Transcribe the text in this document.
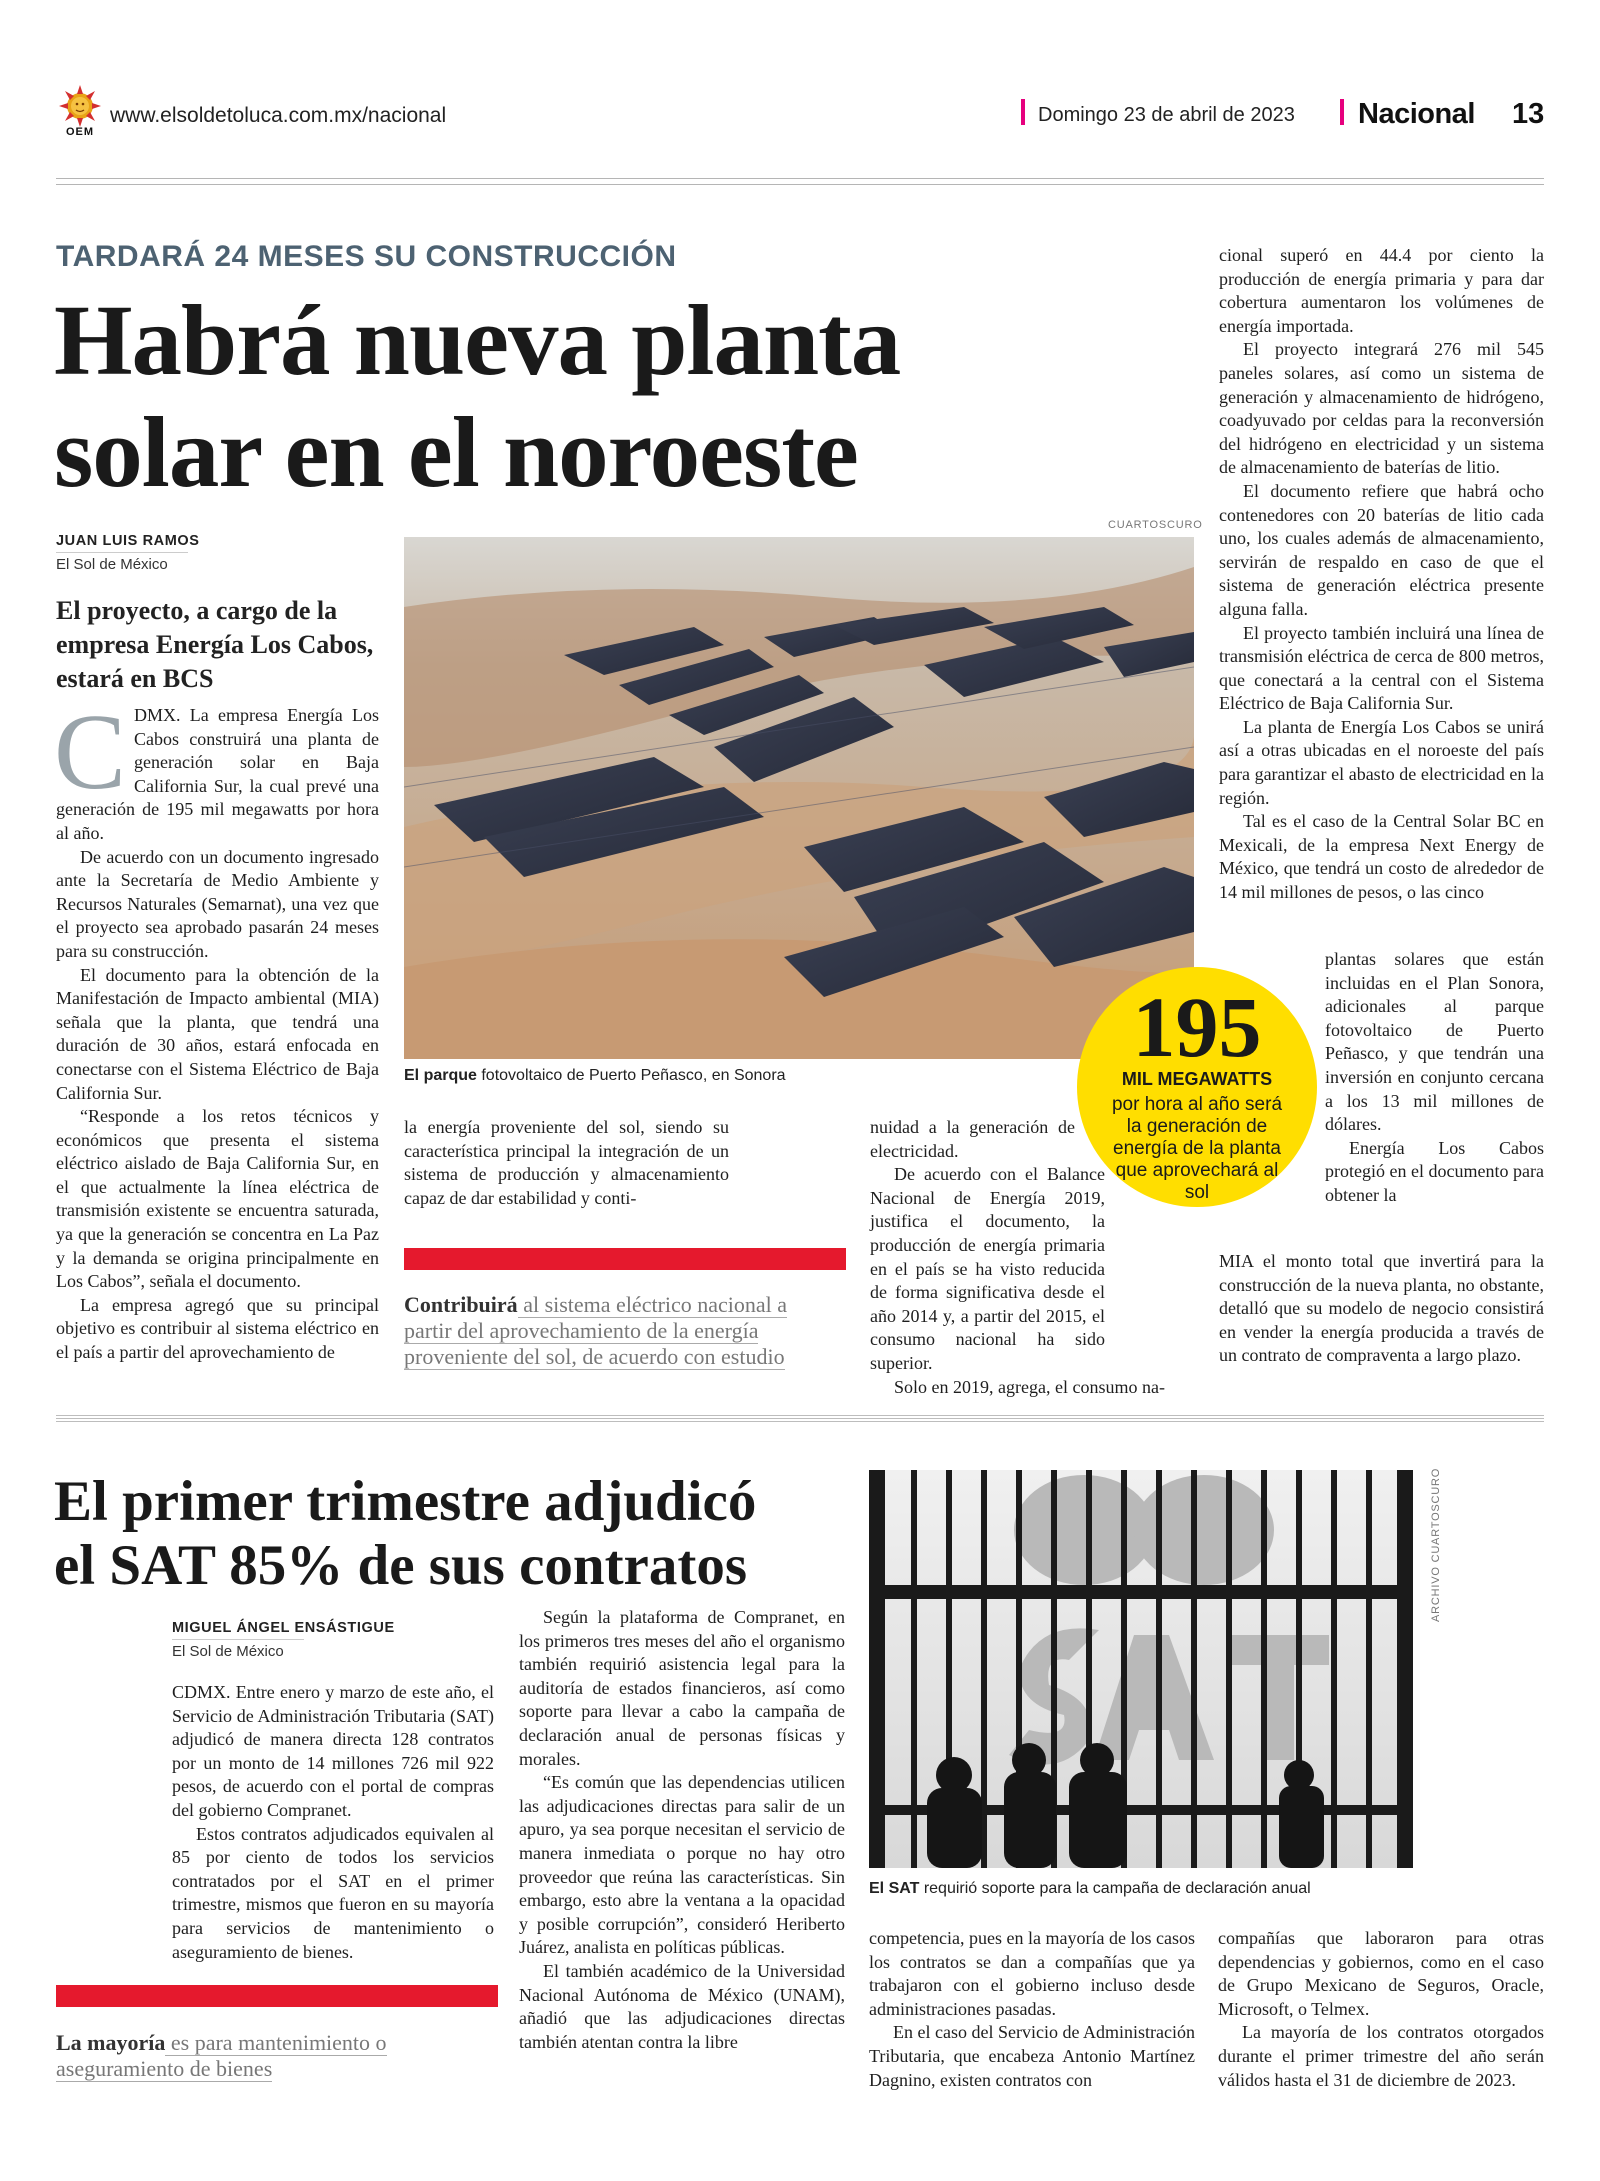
OEM
www.elsoldetoluca.com.mx/nacional	Domingo 23 de abril de 2023 Nacional 13
TARDARÁ 24 MESES SU CONSTRUCCIÓN
Habrá nueva planta
solar en el noroeste
JUAN LUIS RAMOS
El Sol de México
El proyecto, a cargo de la empresa Energía Los Cabos, estará en BCS
C DMX. La empresa Energía Los Cabos construirá una planta de generación solar en Baja California Sur, la cual prevé una generación de 195 mil megawatts por hora al año.

De acuerdo con un documento ingresado ante la Secretaría de Medio Ambiente y Recursos Naturales (Semarnat), una vez que el proyecto sea aprobado pasarán 24 meses para su construcción.

El documento para la obtención de la Manifestación de Impacto ambiental (MIA) señala que la planta, que tendrá una duración de 30 años, estará enfocada en conectarse con el Sistema Eléctrico de Baja California Sur.

“Responde a los retos técnicos y económicos que presenta el sistema eléctrico aislado de Baja California Sur, en el que actualmente la línea eléctrica de transmisión existente se encuentra saturada, ya que la generación se concentra en La Paz y la demanda se origina principalmente en Los Cabos”, señala el documento.

La empresa agregó que su principal objetivo es contribuir al sistema eléctrico en el país a partir del aprovechamiento de

CUARTOSCURO
El parque fotovoltaico de Puerto Peñasco, en Sonora

la energía proveniente del sol, siendo su característica principal la integración de un sistema de producción y almacenamiento capaz de dar estabilidad y conti-

Contribuirá al sistema eléctrico nacional a partir del aprovechamiento de la energía proveniente del sol, de acuerdo con estudio

nuidad a la generación de electricidad.

De acuerdo con el Balance Nacional de Energía 2019, justifica el documento, la producción de energía primaria en el país se ha visto reducida de forma significativa desde el año 2014 y, a partir del 2015, el consumo nacional ha sido superior.

Solo en 2019, agrega, el consumo na-

cional superó en 44.4 por ciento la producción de energía primaria y para dar cobertura aumentaron los volúmenes de energía importada.

El proyecto integrará 276 mil 545 paneles solares, así como un sistema de generación y almacenamiento de hidrógeno, coadyuvado por celdas para la reconversión del hidrógeno en electricidad y un sistema de almacenamiento de baterías de litio.

El documento refiere que habrá ocho contenedores con 20 baterías de litio cada uno, los cuales además de almacenamiento, servirán de respaldo en caso de que el sistema de generación eléctrica presente alguna falla.

El proyecto también incluirá una línea de transmisión eléctrica de cerca de 800 metros, que conectará a la central con el Sistema Eléctrico de Baja California Sur.

La planta de Energía Los Cabos se unirá así a otras ubicadas en el noroeste del país para garantizar el abasto de electricidad en la región.

Tal es el caso de la Central Solar BC en Mexicali, de la empresa Next Energy de México, que tendrá un costo de alrededor de 14 mil millones de pesos, o las cinco

plantas solares que están incluidas en el Plan Sonora, adicionales al parque fotovoltaico de Puerto Peñasco, y que tendrán una inversión en conjunto cercana a los 13 mil millones de dólares.

Energía Los Cabos protegió en el documento para obtener la

MIA el monto total que invertirá para la construcción de la nueva planta, no obstante, detalló que su modelo de negocio consistirá en vender la energía producida a través de un contrato de compraventa a largo plazo.

195
MIL MEGAWATTS
por hora al año será la generación de energía de la planta que aprovechará al sol
El primer trimestre adjudicó
el SAT 85% de sus contratos
MIGUEL ÁNGEL ENSÁSTIGUE
El Sol de México

CDMX. Entre enero y marzo de este año, el Servicio de Administración Tributaria (SAT) adjudicó de manera directa 128 contratos por un monto de 14 millones 726 mil 922 pesos, de acuerdo con el portal de compras del gobierno Compranet.

Estos contratos adjudicados equivalen al 85 por ciento de todos los servicios contratados por el SAT en el primer trimestre, mismos que fueron en su mayoría para servicios de mantenimiento o aseguramiento de bienes.

La mayoría es para mantenimiento o aseguramiento de bienes

Según la plataforma de Compranet, en los primeros tres meses del año el organismo también requirió asistencia legal para la auditoría de estados financieros, así como soporte para llevar a cabo la campaña de declaración anual de personas físicas y morales.

“Es común que las dependencias utilicen las adjudicaciones directas para salir de un apuro, ya sea porque necesitan el servicio de manera inmediata o porque no hay otro proveedor que reúna las características. Sin embargo, esto abre la ventana a la opacidad y posible corrupción”, consideró Heriberto Juárez, analista en políticas públicas.

El también académico de la Universidad Nacional Autónoma de México (UNAM), añadió que las adjudicaciones directas también atentan contra la libre

ARCHIVO CUARTOSCURO
El SAT requirió soporte para la campaña de declaración anual

competencia, pues en la mayoría de los casos los contratos se dan a compañías que ya trabajaron con el gobierno incluso desde administraciones pasadas.

En el caso del Servicio de Administración Tributaria, que encabeza Antonio Martínez Dagnino, existen contratos con

compañías que laboraron para otras dependencias y gobiernos, como en el caso de Grupo Mexicano de Seguros, Oracle, Microsoft, o Telmex.

La mayoría de los contratos otorgados durante el primer trimestre del año serán válidos hasta el 31 de diciembre de 2023.
